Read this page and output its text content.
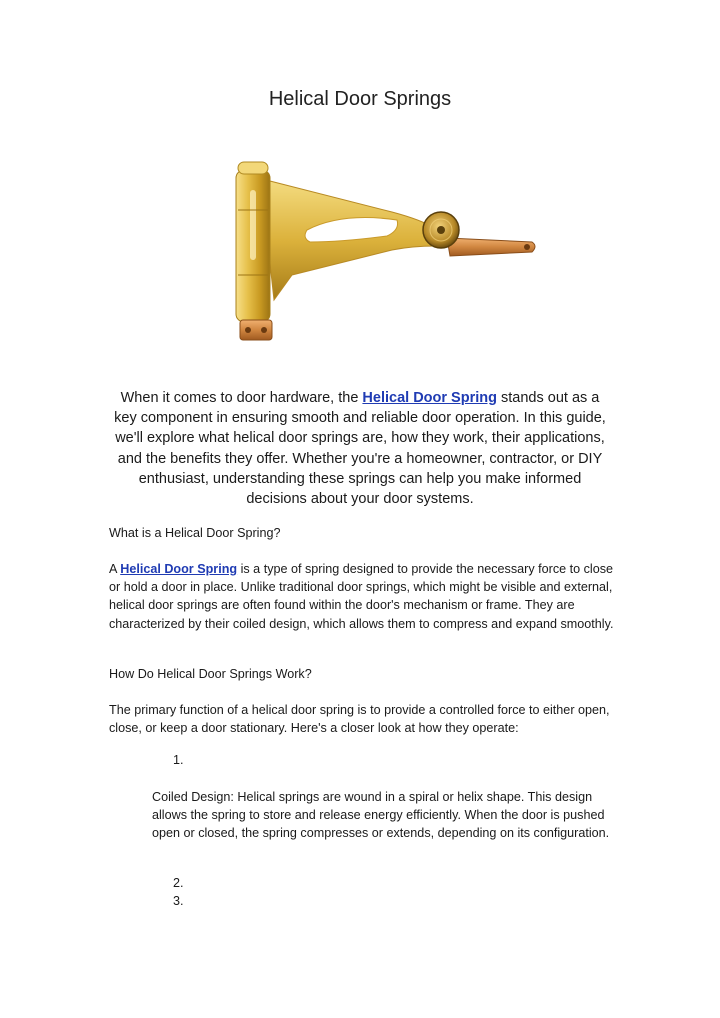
Helical Door Springs
When it comes to door hardware, the Helical Door Spring stands out as a key component in ensuring smooth and reliable door operation. In this guide, we'll explore what helical door springs are, how they work, their applications, and the benefits they offer. Whether you're a homeowner, contractor, or DIY enthusiast, understanding these springs can help you make informed decisions about your door systems.
What is a Helical Door Spring?
A Helical Door Spring is a type of spring designed to provide the necessary force to close or hold a door in place. Unlike traditional door springs, which might be visible and external, helical door springs are often found within the door's mechanism or frame. They are characterized by their coiled design, which allows them to compress and expand smoothly.
How Do Helical Door Springs Work?
The primary function of a helical door spring is to provide a controlled force to either open, close, or keep a door stationary. Here's a closer look at how they operate:
1.
Coiled Design: Helical springs are wound in a spiral or helix shape. This design allows the spring to store and release energy efficiently. When the door is pushed open or closed, the spring compresses or extends, depending on its configuration.
2.
3.
